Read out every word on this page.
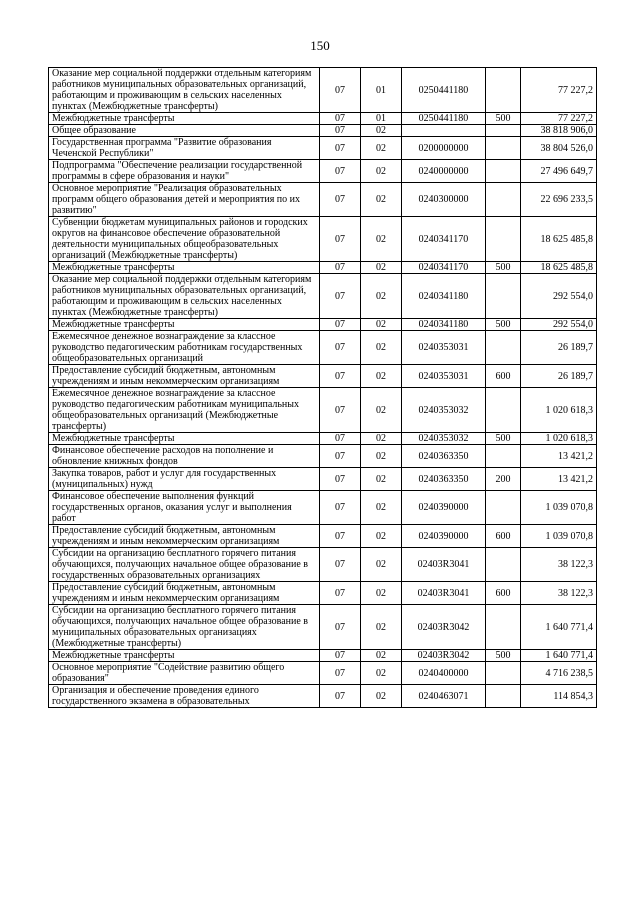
150
Оказание мер социальной поддержки отдельным категориям работников муниципальных образовательных организаций, работающим и проживающим в сельских населенных пунктах (Межбюджетные трансферты)	07	01	0250441180		77 227,2
Межбюджетные трансферты	07	01	0250441180	500	77 227,2
Общее образование	07	02			38 818 906,0
Государственная программа "Развитие образования Чеченской Республики"	07	02	0200000000		38 804 526,0
Подпрограмма "Обеспечение реализации государственной программы в сфере образования и науки"	07	02	0240000000		27 496 649,7
Основное мероприятие "Реализация образовательных программ общего образования детей и мероприятия по их развитию"	07	02	0240300000		22 696 233,5
Субвенции бюджетам муниципальных районов и городских округов на финансовое обеспечение образовательной деятельности муниципальных общеобразовательных организаций (Межбюджетные трансферты)	07	02	0240341170		18 625 485,8
Межбюджетные трансферты	07	02	0240341170	500	18 625 485,8
Оказание мер социальной поддержки отдельным категориям работников муниципальных образовательных организаций, работающим и проживающим в сельских населенных пунктах (Межбюджетные трансферты)	07	02	0240341180		292 554,0
Межбюджетные трансферты	07	02	0240341180	500	292 554,0
Ежемесячное денежное вознаграждение за классное руководство педагогическим работникам государственных общеобразовательных организаций	07	02	0240353031		26 189,7
Предоставление субсидий бюджетным, автономным учреждениям и иным некоммерческим организациям	07	02	0240353031	600	26 189,7
Ежемесячное денежное вознаграждение за классное руководство педагогическим работникам муниципальных общеобразовательных организаций (Межбюджетные трансферты)	07	02	0240353032		1 020 618,3
Межбюджетные трансферты	07	02	0240353032	500	1 020 618,3
Финансовое обеспечение расходов на пополнение и обновление книжных фондов	07	02	0240363350		13 421,2
Закупка товаров, работ и услуг для государственных (муниципальных) нужд	07	02	0240363350	200	13 421,2
Финансовое обеспечение выполнения функций государственных органов, оказания услуг и выполнения работ	07	02	0240390000		1 039 070,8
Предоставление субсидий бюджетным, автономным учреждениям и иным некоммерческим организациям	07	02	0240390000	600	1 039 070,8
Субсидии на организацию бесплатного горячего питания обучающихся, получающих начальное общее образование в государственных образовательных организациях	07	02	02403R3041		38 122,3
Предоставление субсидий бюджетным, автономным учреждениям и иным некоммерческим организациям	07	02	02403R3041	600	38 122,3
Субсидии на организацию бесплатного горячего питания обучающихся, получающих начальное общее образование в муниципальных образовательных организациях (Межбюджетные трансферты)	07	02	02403R3042		1 640 771,4
Межбюджетные трансферты	07	02	02403R3042	500	1 640 771,4
Основное мероприятие "Содействие развитию общего образования"	07	02	0240400000		4 716 238,5
Организация и обеспечение проведения единого государственного экзамена в образовательных	07	02	0240463071		114 854,3
